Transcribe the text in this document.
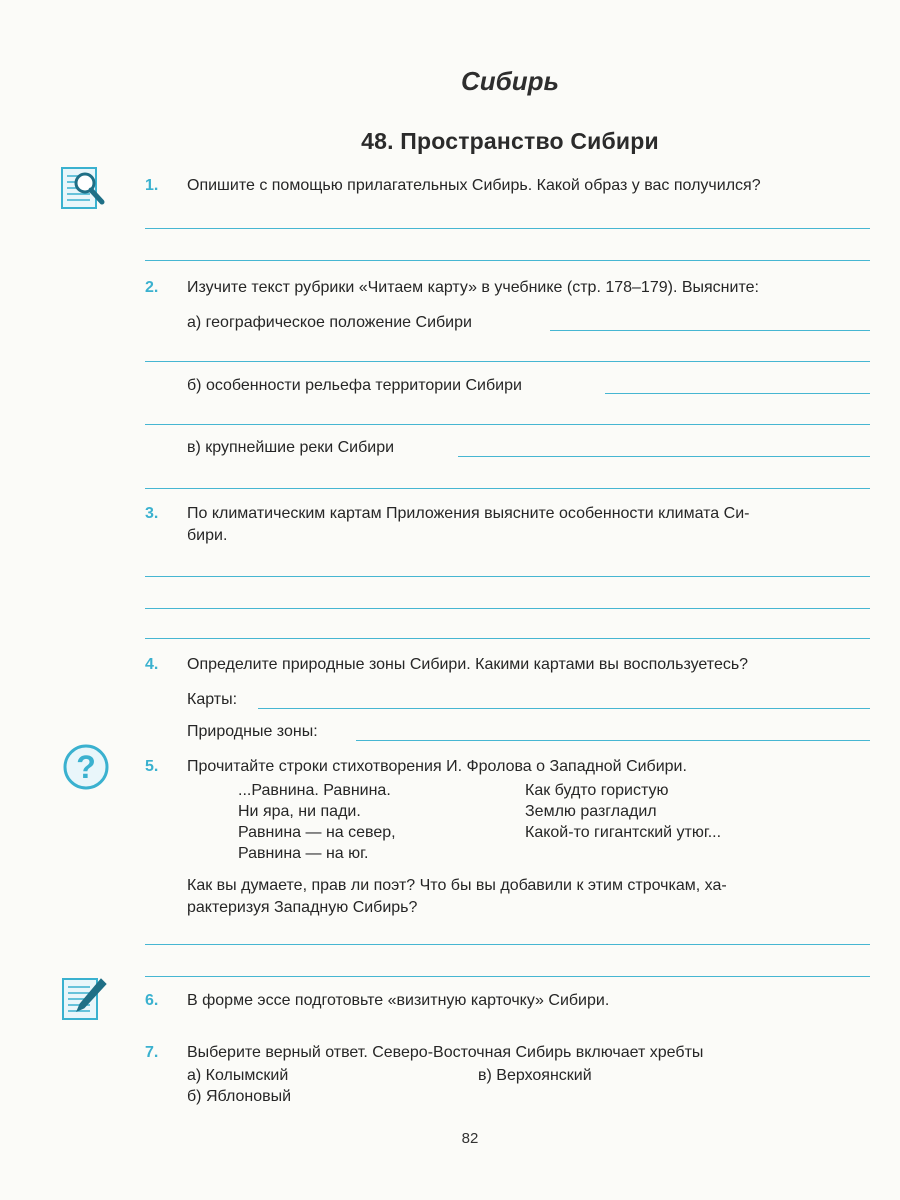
Сибирь
48. Пространство Сибири
1. Опишите с помощью прилагательных Сибирь. Какой образ у вас получился?
2. Изучите текст рубрики «Читаем карту» в учебнике (стр. 178–179). Выясните:
а) географическое положение Сибири
б) особенности рельефа территории Сибири
в) крупнейшие реки Сибири
3. По климатическим картам Приложения выясните особенности климата Си-
бири.
4. Определите природные зоны Сибири. Какими картами вы воспользуетесь?
Карты:
Природные зоны:
?	5. Прочитайте строки стихотворения И. Фролова о Западной Сибири.
...Равнина. Равнина.
Ни яра, ни пади.
Равнина — на север,
Равнина — на юг.
Как будто гористую
Землю разгладил
Какой-то гигантский утюг...
Как вы думаете, прав ли поэт? Что бы вы добавили к этим строчкам, ха-
рактеризуя Западную Сибирь?
6. В форме эссе подготовьте «визитную карточку» Сибири.
7. Выберите верный ответ. Северо-Восточная Сибирь включает хребты
а) Колымский
б) Яблоновый
в) Верхоянский
82
